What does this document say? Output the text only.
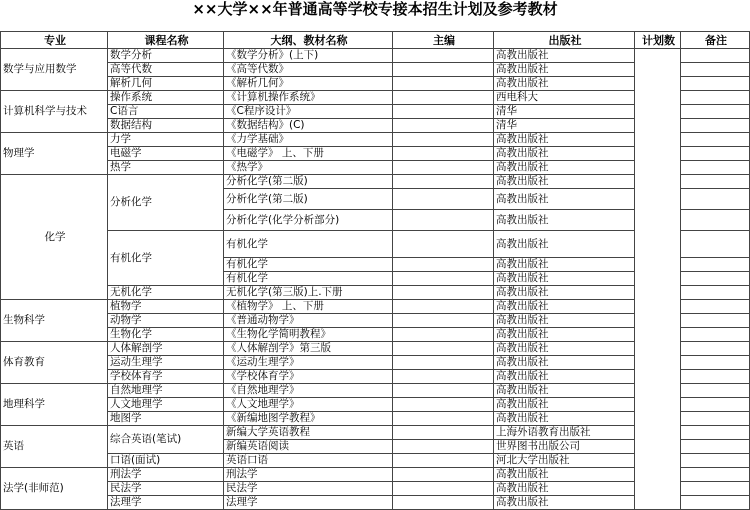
××大学××年普通高等学校专接本招生计划及参考教材
专业	课程名称	大纲、教材名称	主编	出版社	计划数	备注
数学与应用数学	数学分析	《数学分析》(上下)		高教出版社		
	高等代数	《高等代数》		高教出版社		
	解析几何	《解析几何》		高教出版社		
计算机科学与技术	操作系统	《计算机操作系统》		西电科大		
	C语言	《C程序设计》		清华		
	数据结构	《数据结构》(C)		清华		
物理学	力学	《力学基础》		高教出版社		
	电磁学	《电磁学》 上、下册		高教出版社		
	热学	《热学》		高教出版社		
化学	分析化学	分析化学(第二版)		高教出版社		
		分析化学(第二版)		高教出版社		
		分析化学(化学分析部分)		高教出版社		
	有机化学	有机化学		高教出版社		
		有机化学		高教出版社		
		有机化学		高教出版社		
	无机化学	无机化学(第三版)上.下册		高教出版社		
生物科学	植物学	《植物学》 上、下册		高教出版社		
	动物学	《普通动物学》		高教出版社		
	生物化学	《生物化学简明教程》		高教出版社		
体育教育	人体解剖学	《人体解剖学》第三版		高教出版社		
	运动生理学	《运动生理学》		高教出版社		
	学校体育学	《学校体育学》		高教出版社		
地理科学	自然地理学	《自然地理学》		高教出版社		
	人文地理学	《人文地理学》		高教出版社		
	地图学	《新编地图学教程》		高教出版社		
英语	综合英语(笔试)	新编大学英语教程		上海外语教育出版社		
		新编英语阅读		世界图书出版公司		
	口语(面试)	英语口语		河北大学出版社		
法学(非师范)	刑法学	刑法学		高教出版社		
	民法学	民法学		高教出版社		
	法理学	法理学		高教出版社		
